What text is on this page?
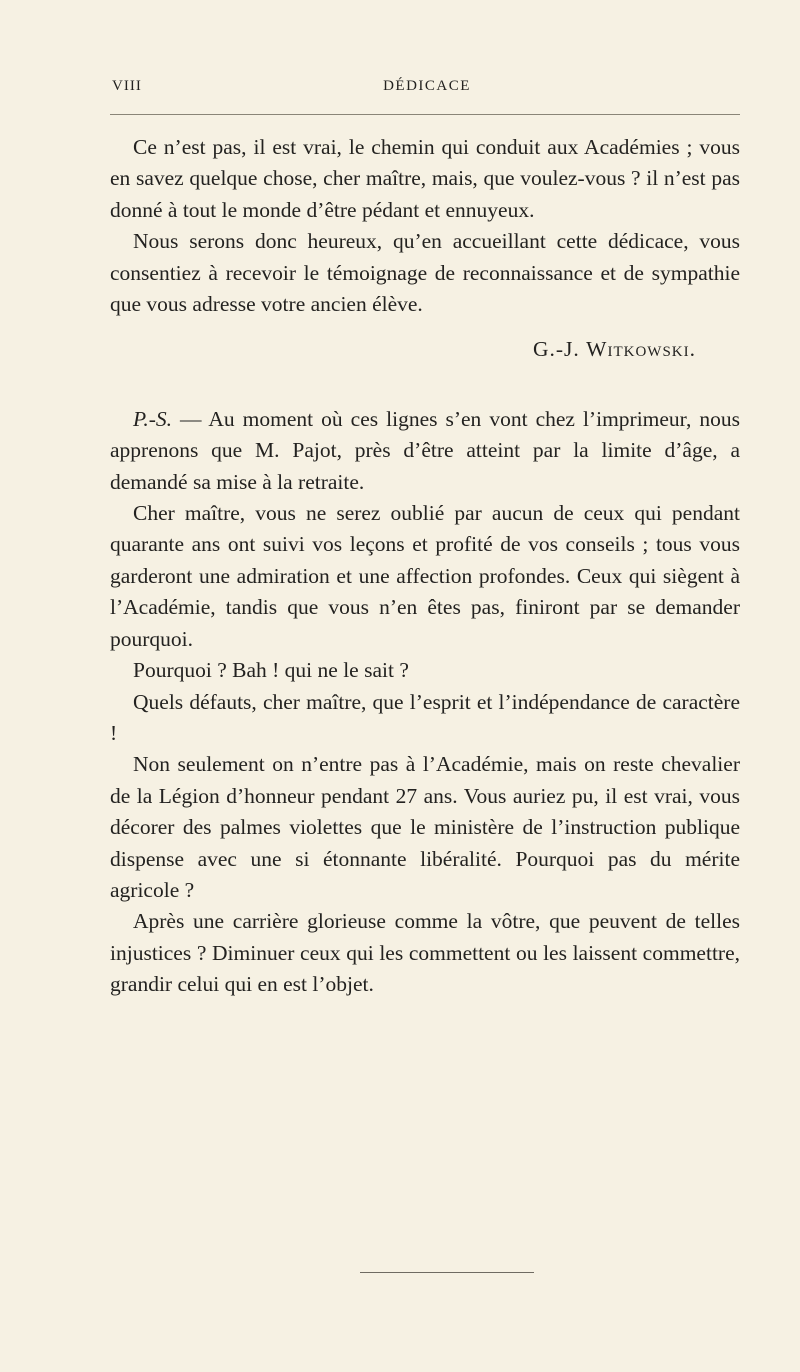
VIII	DÉDICACE

Ce n’est pas, il est vrai, le chemin qui conduit aux Académies ; vous en savez quelque chose, cher maître, mais, que voulez-vous ? il n’est pas donné à tout le monde d’être pédant et ennuyeux.

Nous serons donc heureux, qu’en accueillant cette dédicace, vous consentiez à recevoir le témoignage de reconnaissance et de sympathie que vous adresse votre ancien élève.

G.-J. Witkowski.

P.-S. — Au moment où ces lignes s’en vont chez l’imprimeur, nous apprenons que M. Pajot, près d’être atteint par la limite d’âge, a demandé sa mise à la retraite.

Cher maître, vous ne serez oublié par aucun de ceux qui pendant quarante ans ont suivi vos leçons et profité de vos conseils ; tous vous garderont une admiration et une affection profondes. Ceux qui siègent à l’Académie, tandis que vous n’en êtes pas, finiront par se demander pourquoi.

Pourquoi ? Bah ! qui ne le sait ?

Quels défauts, cher maître, que l’esprit et l’indépendance de caractère !

Non seulement on n’entre pas à l’Académie, mais on reste chevalier de la Légion d’honneur pendant 27 ans. Vous auriez pu, il est vrai, vous décorer des palmes violettes que le ministère de l’instruction publique dispense avec une si étonnante libéralité. Pourquoi pas du mérite agricole ?

Après une carrière glorieuse comme la vôtre, que peuvent de telles injustices ? Diminuer ceux qui les commettent ou les laissent commettre, grandir celui qui en est l’objet.
